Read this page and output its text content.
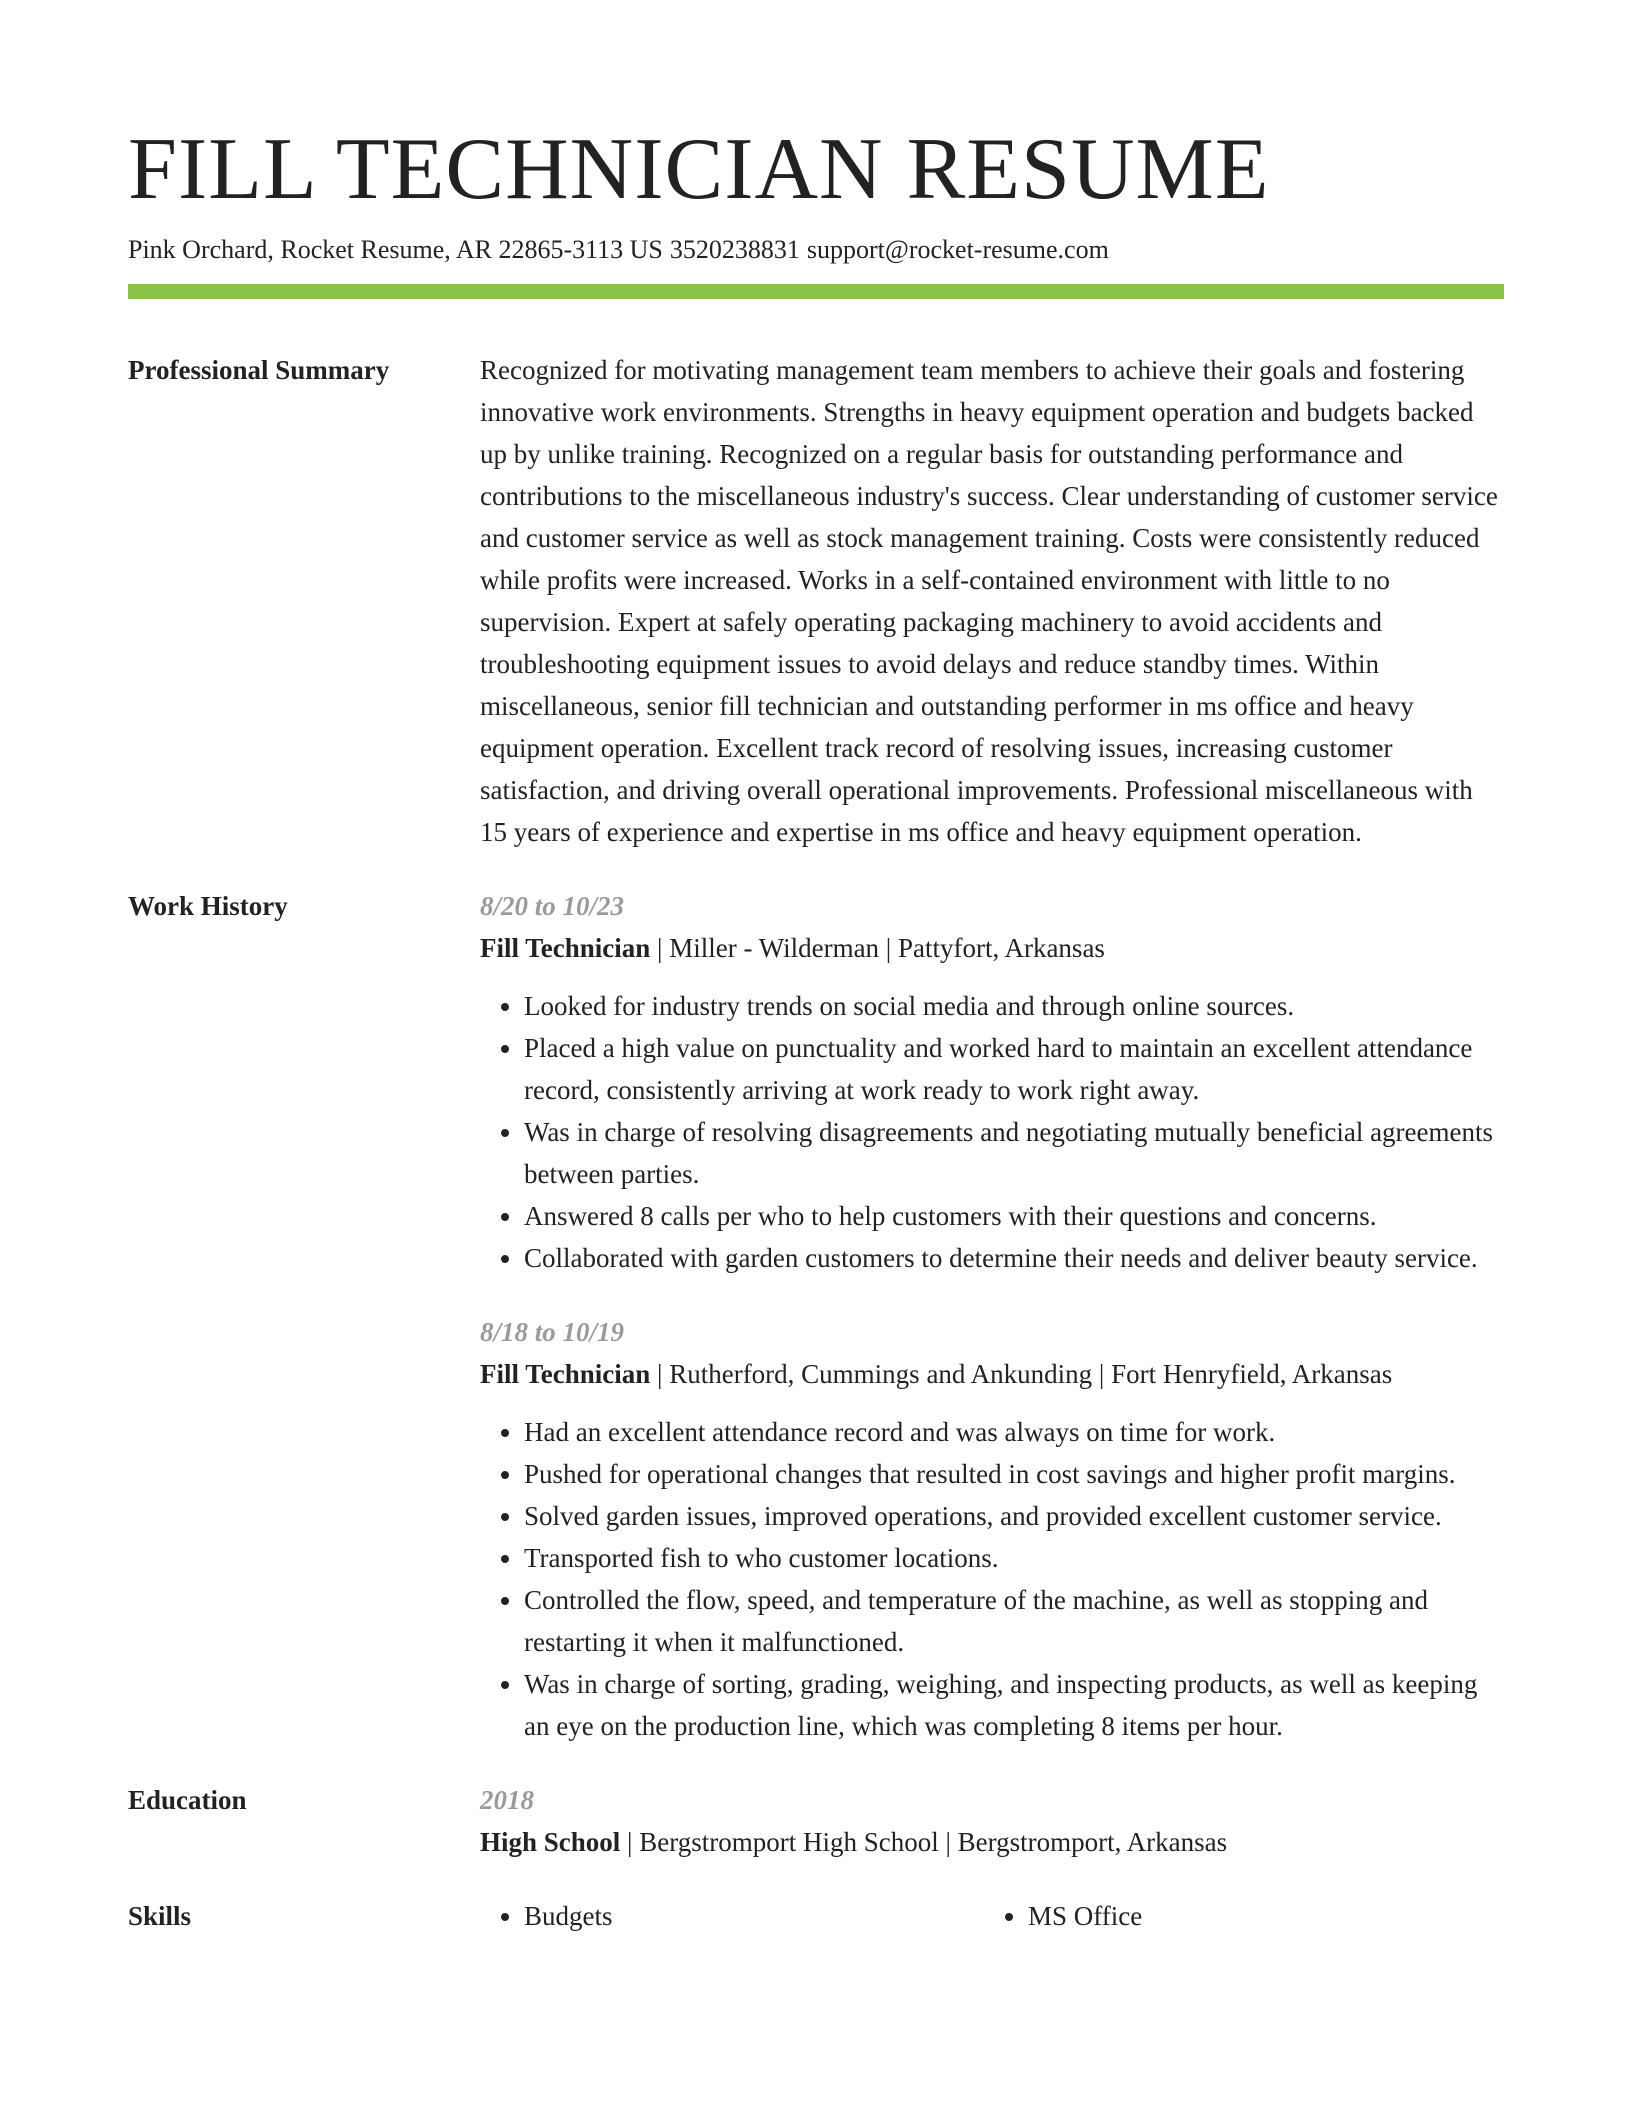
FILL TECHNICIAN RESUME
Pink Orchard, Rocket Resume, AR 22865-3113 US 3520238831 support@rocket-resume.com
Professional Summary	Recognized for motivating management team members to achieve their goals and fostering innovative work environments. Strengths in heavy equipment operation and budgets backed up by unlike training. Recognized on a regular basis for outstanding performance and contributions to the miscellaneous industry's success. Clear understanding of customer service and customer service as well as stock management training. Costs were consistently reduced while profits were increased. Works in a self-contained environment with little to no supervision. Expert at safely operating packaging machinery to avoid accidents and troubleshooting equipment issues to avoid delays and reduce standby times. Within miscellaneous, senior fill technician and outstanding performer in ms office and heavy equipment operation. Excellent track record of resolving issues, increasing customer satisfaction, and driving overall operational improvements. Professional miscellaneous with 15 years of experience and expertise in ms office and heavy equipment operation.

Work History	8/20 to 10/23
Fill Technician | Miller - Wilderman | Pattyfort, Arkansas
• Looked for industry trends on social media and through online sources.
• Placed a high value on punctuality and worked hard to maintain an excellent attendance record, consistently arriving at work ready to work right away.
• Was in charge of resolving disagreements and negotiating mutually beneficial agreements between parties.
• Answered 8 calls per who to help customers with their questions and concerns.
• Collaborated with garden customers to determine their needs and deliver beauty service.
8/18 to 10/19
Fill Technician | Rutherford, Cummings and Ankunding | Fort Henryfield, Arkansas
• Had an excellent attendance record and was always on time for work.
• Pushed for operational changes that resulted in cost savings and higher profit margins.
• Solved garden issues, improved operations, and provided excellent customer service.
• Transported fish to who customer locations.
• Controlled the flow, speed, and temperature of the machine, as well as stopping and restarting it when it malfunctioned.
• Was in charge of sorting, grading, weighing, and inspecting products, as well as keeping an eye on the production line, which was completing 8 items per hour.
Education	2018
High School | Bergstromport High School | Bergstromport, Arkansas
Skills	• Budgets	• MS Office
